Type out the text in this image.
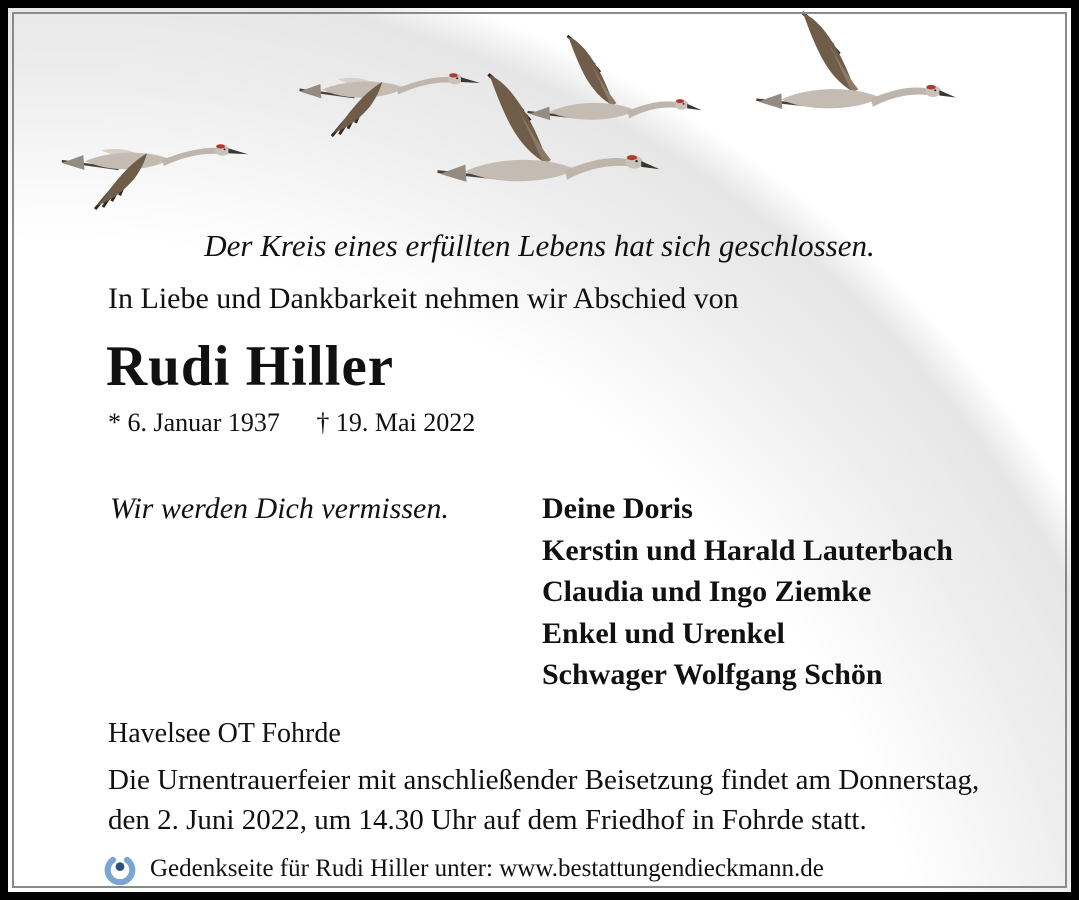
Der Kreis eines erfüllten Lebens hat sich geschlossen.
In Liebe und Dankbarkeit nehmen wir Abschied von
Rudi Hiller
* 6. Januar 1937 † 19. Mai 2022
Wir werden Dich vermissen.	Deine Doris
Kerstin und Harald Lauterbach
Claudia und Ingo Ziemke
Enkel und Urenkel
Schwager Wolfgang Schön
Havelsee OT Fohrde
Die Urnentrauerfeier mit anschließender Beisetzung findet am Donnerstag,
den 2. Juni 2022, um 14.30 Uhr auf dem Friedhof in Fohrde statt.
Gedenkseite für Rudi Hiller unter: www.bestattungendieckmann.de
